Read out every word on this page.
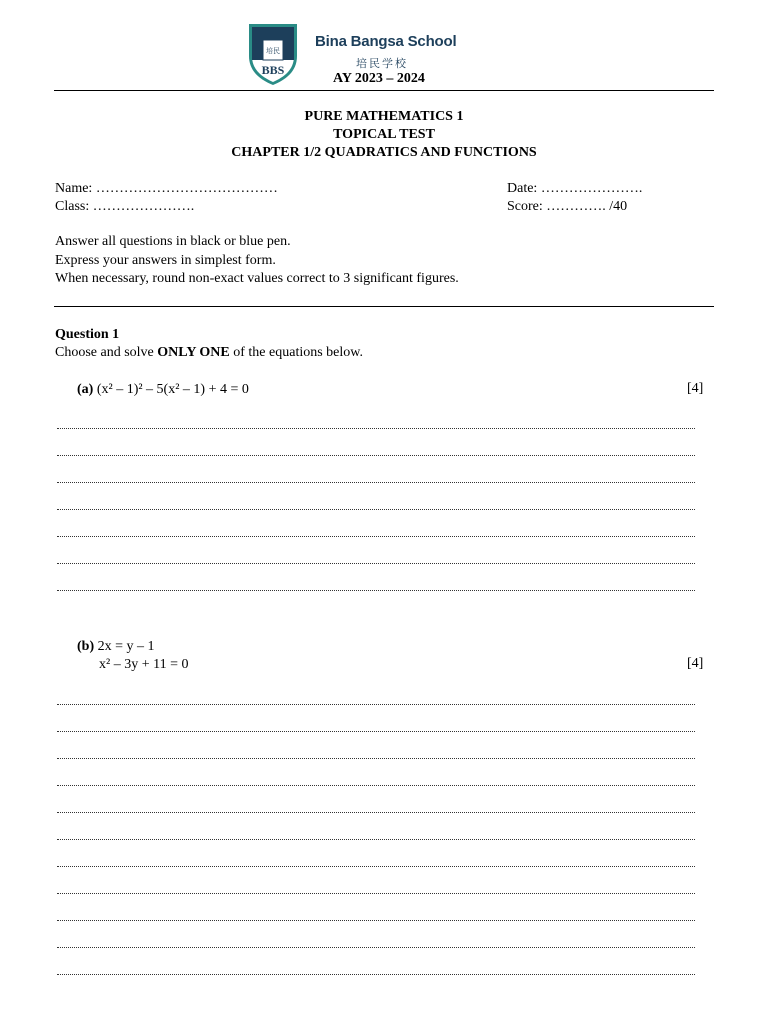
培民
BBS
Bina Bangsa School
培民学校
AY 2023 – 2024
PURE MATHEMATICS 1
TOPICAL TEST
CHAPTER 1/2 QUADRATICS AND FUNCTIONS
Name: …………………………………
Class: ………………….
Date: ………………….
Score: …………. /40
Answer all questions in black or blue pen.
Express your answers in simplest form.
When necessary, round non-exact values correct to 3 significant figures.
Question 1
Choose and solve ONLY ONE of the equations below.
(a) (x² – 1)² – 5(x² – 1) + 4 = 0	[4]
(b) 2x = y – 1
x² – 3y + 11 = 0	[4]
